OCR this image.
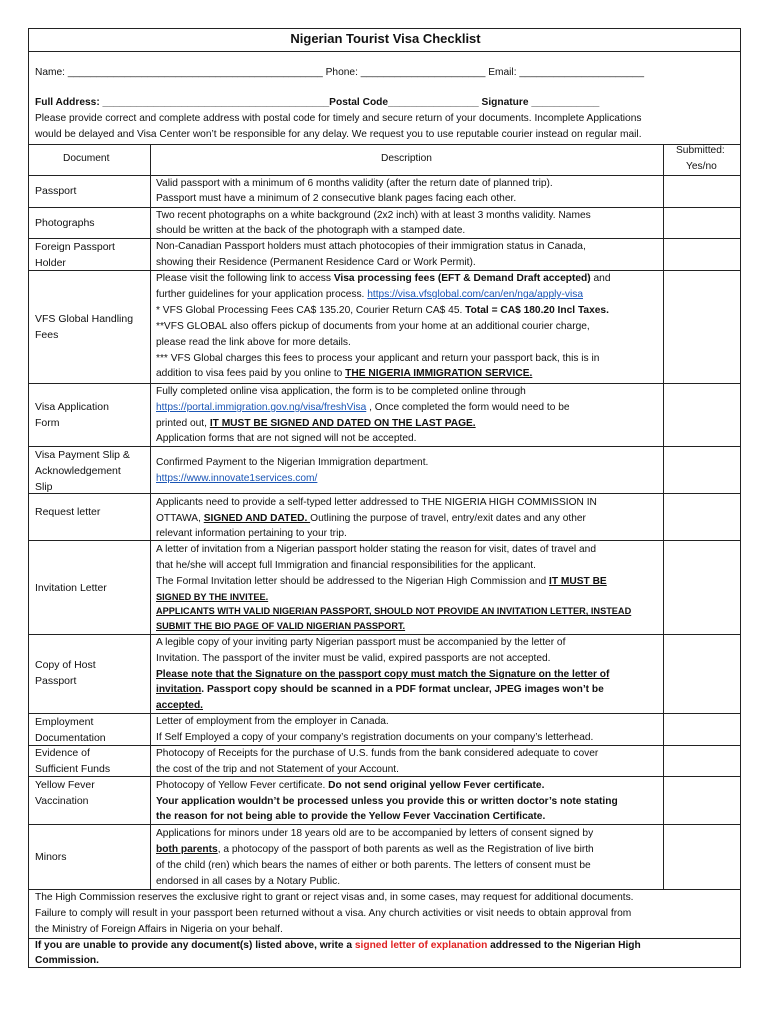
Nigerian Tourist Visa Checklist
Name: _____________________________________________ Phone: ______________________ Email: ______________________
Full Address: ________________________________________Postal Code________________ Signature ____________
Please provide correct and complete address with postal code for timely and secure return of your documents. Incomplete Applications
would be delayed and Visa Center won’t be responsible for any delay. We request you to use reputable courier instead on regular mail.
Document	Description
Submitted:
Yes/no
Passport
Valid passport with a minimum of 6 months validity (after the return date of planned trip).
Passport must have a minimum of 2 consecutive blank pages facing each other.
Photographs
Two recent photographs on a white background (2x2 inch) with at least 3 months validity. Names
should be written at the back of the photograph with a stamped date.
Foreign Passport
Holder
Non-Canadian Passport holders must attach photocopies of their immigration status in Canada,
showing their Residence (Permanent Residence Card or Work Permit).
VFS Global Handling
Fees
Please visit the following link to access Visa processing fees (EFT & Demand Draft accepted) and
further guidelines for your application process. https://visa.vfsglobal.com/can/en/nga/apply-visa
* VFS Global Processing Fees CA$ 135.20, Courier Return CA$ 45. Total = CA$ 180.20 Incl Taxes.
**VFS GLOBAL also offers pickup of documents from your home at an additional courier charge,
please read the link above for more details.
*** VFS Global charges this fees to process your applicant and return your passport back, this is in
addition to visa fees paid by you online to THE NIGERIA IMMIGRATION SERVICE.
Visa Application
Form
Fully completed online visa application, the form is to be completed online through
https://portal.immigration.gov.ng/visa/freshVisa , Once completed the form would need to be
printed out, IT MUST BE SIGNED AND DATED ON THE LAST PAGE.
Application forms that are not signed will not be accepted.
Visa Payment Slip &
Acknowledgement
Slip
Confirmed Payment to the Nigerian Immigration department.
https://www.innovate1services.com/
Request letter
Applicants need to provide a self-typed letter addressed to THE NIGERIA HIGH COMMISSION IN
OTTAWA, SIGNED AND DATED. Outlining the purpose of travel, entry/exit dates and any other
relevant information pertaining to your trip.
Invitation Letter
A letter of invitation from a Nigerian passport holder stating the reason for visit, dates of travel and
that he/she will accept full Immigration and financial responsibilities for the applicant.
The Formal Invitation letter should be addressed to the Nigerian High Commission and IT MUST BE
SIGNED BY THE INVITEE.
APPLICANTS WITH VALID NIGERIAN PASSPORT, SHOULD NOT PROVIDE AN INVITATION LETTER, INSTEAD
SUBMIT THE BIO PAGE OF VALID NIGERIAN PASSPORT.
Copy of Host
Passport
A legible copy of your inviting party Nigerian passport must be accompanied by the letter of
Invitation. The passport of the inviter must be valid, expired passports are not accepted.
Please note that the Signature on the passport copy must match the Signature on the letter of
invitation. Passport copy should be scanned in a PDF format unclear, JPEG images won’t be
accepted.
Employment
Documentation
Letter of employment from the employer in Canada.
If Self Employed a copy of your company’s registration documents on your company’s letterhead.
Evidence of
Sufficient Funds
Photocopy of Receipts for the purchase of U.S. funds from the bank considered adequate to cover
the cost of the trip and not Statement of your Account.
Yellow Fever
Vaccination
Photocopy of Yellow Fever certificate. Do not send original yellow Fever certificate.
Your application wouldn’t be processed unless you provide this or written doctor’s note stating
the reason for not being able to provide the Yellow Fever Vaccination Certificate.
Minors
Applications for minors under 18 years old are to be accompanied by letters of consent signed by
both parents, a photocopy of the passport of both parents as well as the Registration of live birth
of the child (ren) which bears the names of either or both parents. The letters of consent must be
endorsed in all cases by a Notary Public.
The High Commission reserves the exclusive right to grant or reject visas and, in some cases, may request for additional documents.
Failure to comply will result in your passport been returned without a visa. Any church activities or visit needs to obtain approval from
the Ministry of Foreign Affairs in Nigeria on your behalf.
If you are unable to provide any document(s) listed above, write a signed letter of explanation addressed to the Nigerian High
Commission.
